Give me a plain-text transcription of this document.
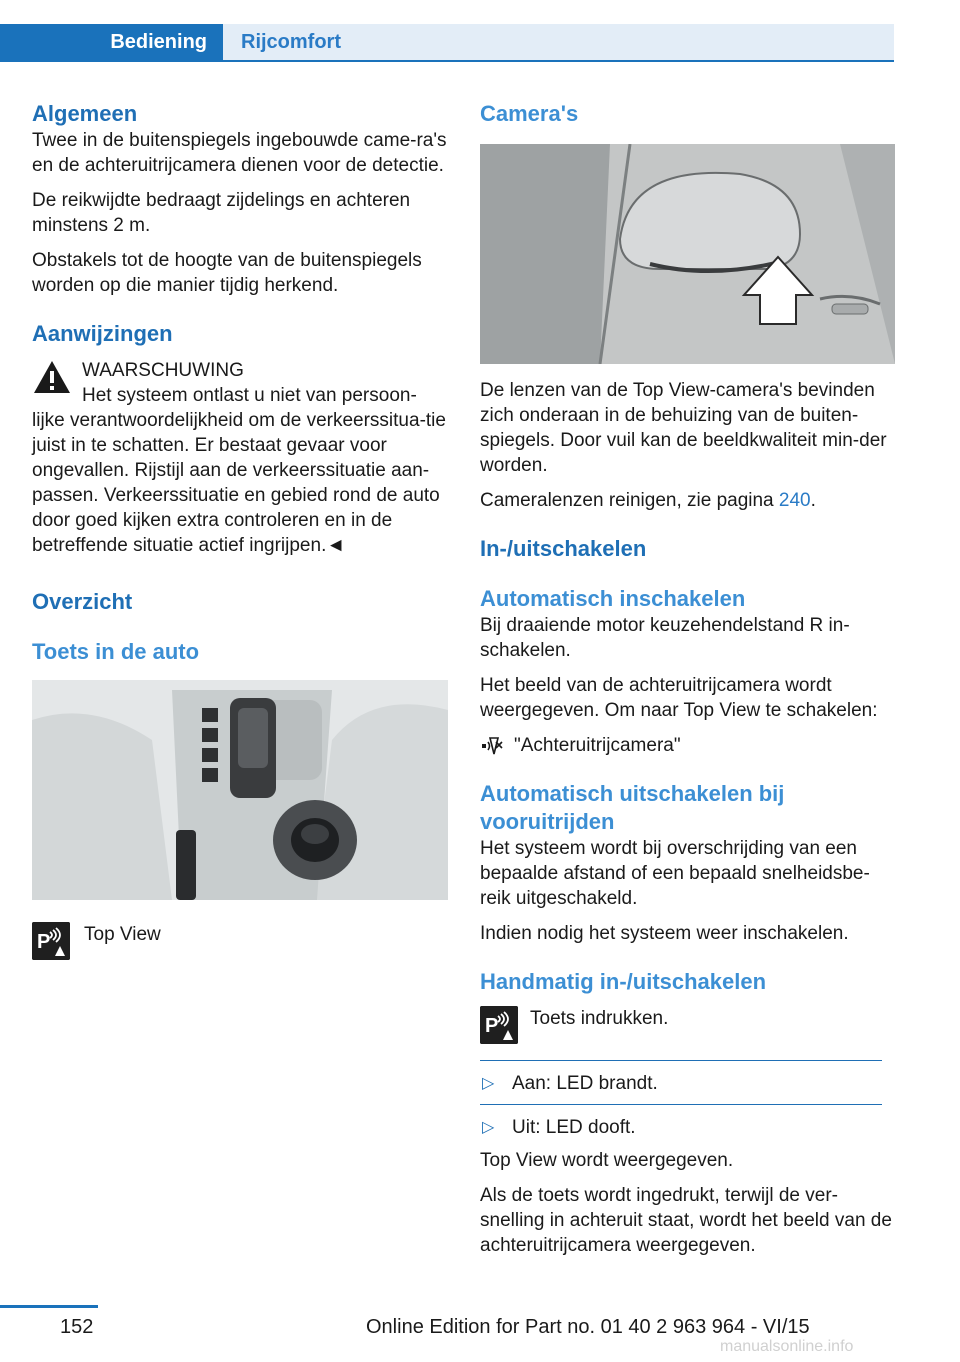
Bediening	Rijcomfort
Algemeen

Twee in de buitenspiegels ingebouwde came-ra's en de achteruitrijcamera dienen voor de detectie.

De reikwijdte bedraagt zijdelings en achteren minstens 2 m.

Obstakels tot de hoogte van de buitenspiegels worden op die manier tijdig herkend.

Aanwijzingen
WAARSCHUWING
Het systeem ontlast u niet van persoon-lijke verantwoordelijkheid om de verkeerssitua-tie juist in te schatten. Er bestaat gevaar voor ongevallen. Rijstijl aan de verkeerssituatie aan-passen. Verkeerssituatie en gebied rond de auto door goed kijken extra controleren en in de betreffende situatie actief ingrijpen.◄
Overzicht
Toets in de auto
P Top View
Camera's

De lenzen van de Top View-camera's bevinden zich onderaan in de behuizing van de buiten-spiegels. Door vuil kan de beeldkwaliteit min-der worden.

Cameralenzen reinigen, zie pagina 240.

In-/uitschakelen
Automatisch inschakelen

Bij draaiende motor keuzehendelstand R in-schakelen.

Het beeld van de achteruitrijcamera wordt weergegeven. Om naar Top View te schakelen:

"Achteruitrijcamera"

Automatisch uitschakelen bij vooruitrijden

Het systeem wordt bij overschrijding van een bepaalde afstand of een bepaald snelheidsbe-reik uitgeschakeld.

Indien nodig het systeem weer inschakelen.

Handmatig in-/uitschakelen
P Toets indrukken.
▷ Aan: LED brandt.
▷ Uit: LED dooft.

Top View wordt weergegeven.

Als de toets wordt ingedrukt, terwijl de ver-snelling in achteruit staat, wordt het beeld van de achteruitrijcamera weergegeven.

152	Online Edition for Part no. 01 40 2 963 964 - VI/15
manualsonline.info
